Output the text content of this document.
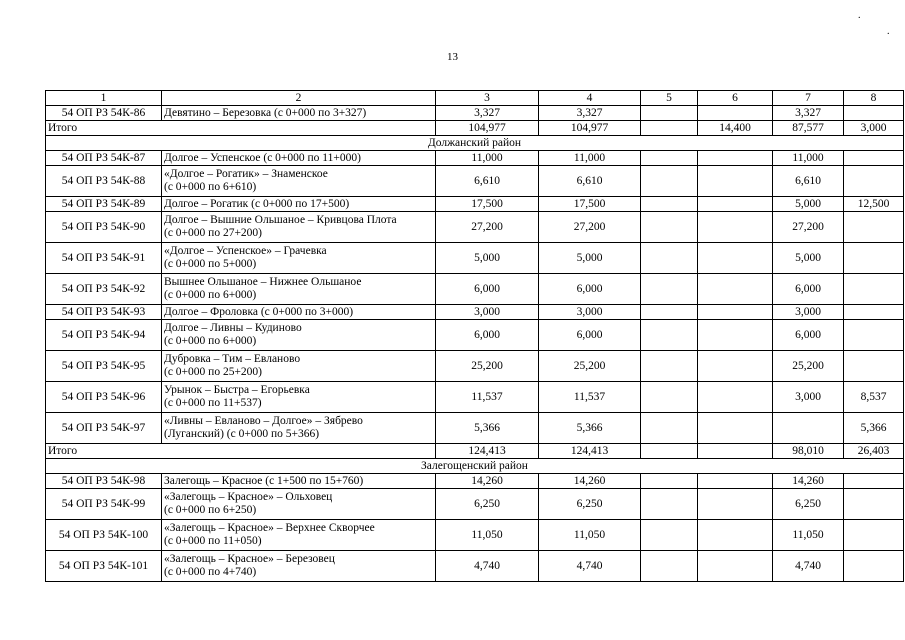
13
.
.
1	2	3	4	5	6	7	8
54 ОП РЗ 54К-86	Девятино – Березовка (с 0+000 по 3+327)	3,327	3,327			3,327	
Итого		104,977	104,977		14,400	87,577	3,000
Должанский район							
54 ОП РЗ 54К-87	Долгое – Успенское (с 0+000 по 11+000)	11,000	11,000			11,000	
54 ОП РЗ 54К-88	«Долгое – Рогатик» – Знаменское
(с 0+000 по 6+610)	6,610	6,610			6,610	
54 ОП РЗ 54К-89	Долгое – Рогатик (с 0+000 по 17+500)	17,500	17,500			5,000	12,500
54 ОП РЗ 54К-90	Долгое – Вышние Ольшаное – Кривцова Плота
(с 0+000 по 27+200)	27,200	27,200			27,200	
54 ОП РЗ 54К-91	«Долгое – Успенское» – Грачевка
(с 0+000 по 5+000)	5,000	5,000			5,000	
54 ОП РЗ 54К-92	Вышнее Ольшаное – Нижнее Ольшаное
(с 0+000 по 6+000)	6,000	6,000			6,000	
54 ОП РЗ 54К-93	Долгое – Фроловка (с 0+000 по 3+000)	3,000	3,000			3,000	
54 ОП РЗ 54К-94	Долгое – Ливны – Кудиново
(с 0+000 по 6+000)	6,000	6,000			6,000	
54 ОП РЗ 54К-95	Дубровка – Тим – Евланово
(с 0+000 по 25+200)	25,200	25,200			25,200	
54 ОП РЗ 54К-96	Урынок – Быстра – Егорьевка
(с 0+000 по 11+537)	11,537	11,537			3,000	8,537
54 ОП РЗ 54К-97	«Ливны – Евланово – Долгое» – Зябрево
(Луганский) (с 0+000 по 5+366)	5,366	5,366				5,366
Итого		124,413	124,413			98,010	26,403
Залегощенский район							
54 ОП РЗ 54К-98	Залегощь – Красное (с 1+500 по 15+760)	14,260	14,260			14,260	
54 ОП РЗ 54К-99	«Залегощь – Красное» – Ольховец
(с 0+000 по 6+250)	6,250	6,250			6,250	
54 ОП РЗ 54К-100	«Залегощь – Красное» – Верхнее Скворчее
(с 0+000 по 11+050)	11,050	11,050			11,050	
54 ОП РЗ 54К-101	«Залегощь – Красное» – Березовец
(с 0+000 по 4+740)	4,740	4,740			4,740	
